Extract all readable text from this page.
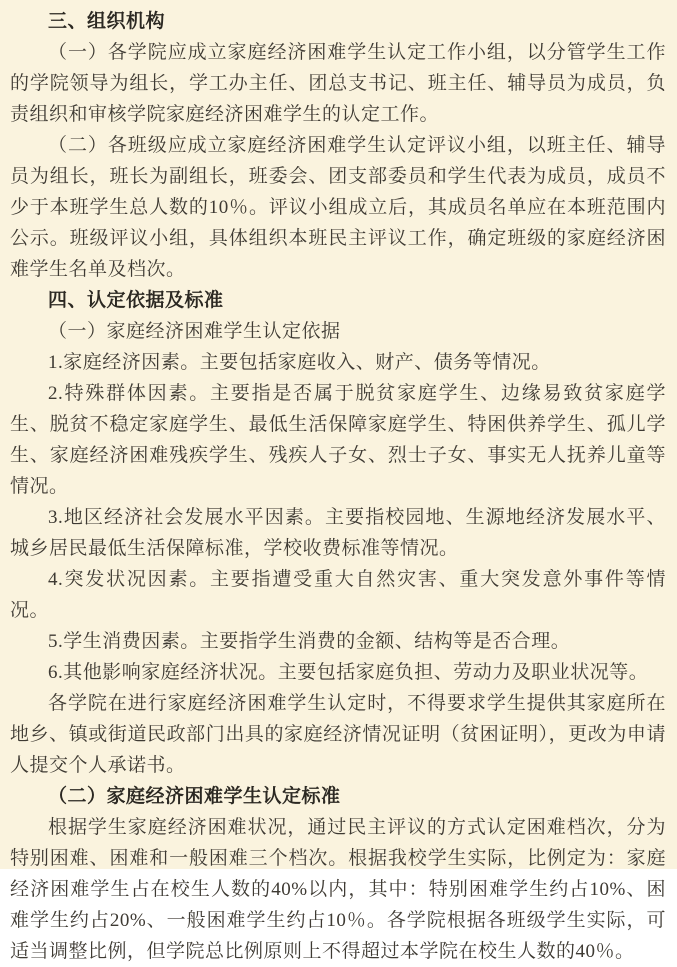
三、组织机构

（一）各学院应成立家庭经济困难学生认定工作小组，以分管学生工作的学院领导为组长，学工办主任、团总支书记、班主任、辅导员为成员，负责组织和审核学院家庭经济困难学生的认定工作。

（二）各班级应成立家庭经济困难学生认定评议小组，以班主任、辅导员为组长，班长为副组长，班委会、团支部委员和学生代表为成员，成员不少于本班学生总人数的10％。评议小组成立后，其成员名单应在本班范围内公示。班级评议小组，具体组织本班民主评议工作，确定班级的家庭经济困难学生名单及档次。

四、认定依据及标准

（一）家庭经济困难学生认定依据

1.家庭经济因素。主要包括家庭收入、财产、债务等情况。

2.特殊群体因素。主要指是否属于脱贫家庭学生、边缘易致贫家庭学生、脱贫不稳定家庭学生、最低生活保障家庭学生、特困供养学生、孤儿学生、家庭经济困难残疾学生、残疾人子女、烈士子女、事实无人抚养儿童等情况。

3.地区经济社会发展水平因素。主要指校园地、生源地经济发展水平、城乡居民最低生活保障标准，学校收费标准等情况。

4.突发状况因素。主要指遭受重大自然灾害、重大突发意外事件等情况。

5.学生消费因素。主要指学生消费的金额、结构等是否合理。

6.其他影响家庭经济状况。主要包括家庭负担、劳动力及职业状况等。

各学院在进行家庭经济困难学生认定时，不得要求学生提供其家庭所在地乡、镇或街道民政部门出具的家庭经济情况证明（贫困证明），更改为申请人提交个人承诺书。

（二）家庭经济困难学生认定标准

根据学生家庭经济困难状况，通过民主评议的方式认定困难档次，分为特别困难、困难和一般困难三个档次。根据我校学生实际，比例定为：家庭经济困难学生占在校生人数的40%以内，其中：特别困难学生约占10%、困难学生约占20%、一般困难学生约占10％。各学院根据各班级学生实际，可适当调整比例，但学院总比例原则上不得超过本学院在校生人数的40％。
